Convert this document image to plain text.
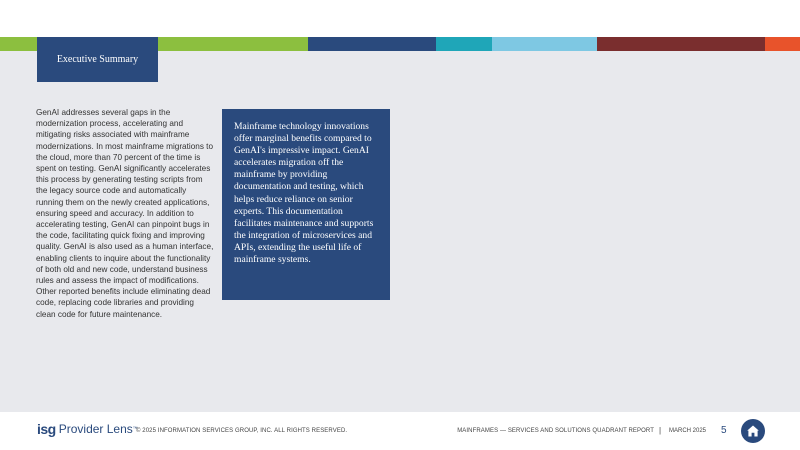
Executive Summary

GenAI addresses several gaps in the modernization process, accelerating and mitigating risks associated with mainframe modernizations. In most mainframe migrations to the cloud, more than 70 percent of the time is spent on testing. GenAI significantly accelerates this process by generating testing scripts from the legacy source code and automatically running them on the newly created applications, ensuring speed and accuracy. In addition to accelerating testing, GenAI can pinpoint bugs in the code, facilitating quick fixing and improving quality. GenAI is also used as a human interface, enabling clients to inquire about the functionality of both old and new code, understand business rules and assess the impact of modifications. Other reported benefits include eliminating dead code, replacing code libraries and providing clean code for future maintenance.

Mainframe technology innovations offer marginal benefits compared to GenAI's impressive impact. GenAI accelerates migration off the mainframe by providing documentation and testing, which helps reduce reliance on senior experts. This documentation facilitates maintenance and supports the integration of microservices and APIs, extending the useful life of mainframe systems.
isg Provider Lens ™
© 2025 INFORMATION SERVICES GROUP, INC. ALL RIGHTS RESERVED.	MAINFRAMES — SERVICES AND SOLUTIONS QUADRANT REPORT | MARCH 2025 5
